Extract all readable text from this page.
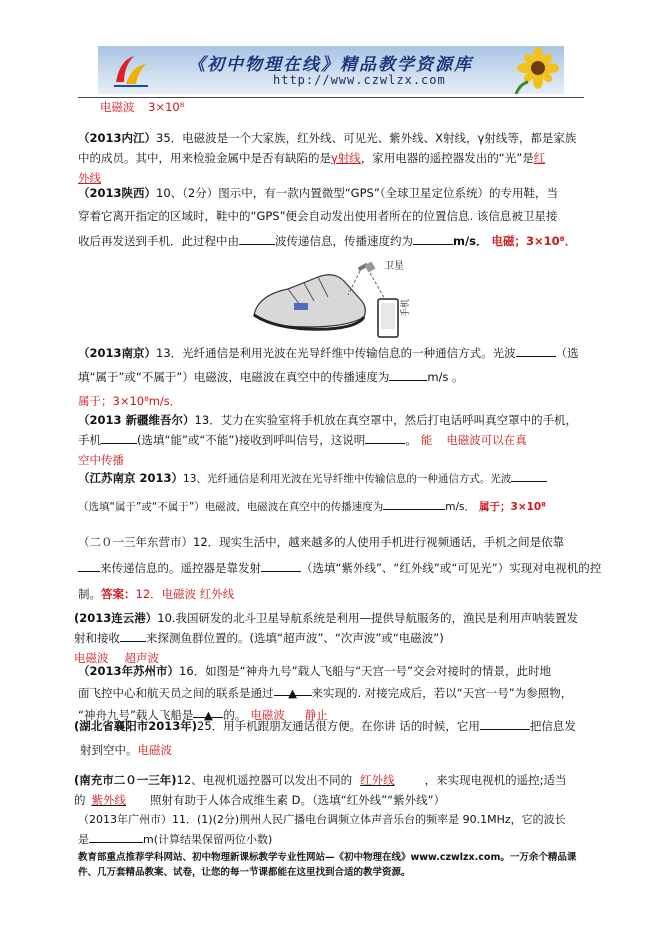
《初中物理在线》精品教学资源库
http://www.czwlzx.com
电磁波 3×10⁸
（2013内江）35．电磁波是一个大家族，红外线、可见光、紫外线、X射线，γ射线等，都是家族
中的成员。其中，用来检验金属中是否有缺陷的是γ射线，家用电器的遥控器发出的“光”是红
外线
（2013陕西）10、（2分）图示中，有一款内置微型“GPS”（全球卫星定位系统）的专用鞋，当
穿着它离开指定的区域时，鞋中的“GPS”便会自动发出使用者所在的位置信息. 该信息被卫星接
收后再发送到手机．此过程中由	波传递信息，传播速度约为	m/s． 电磁；3×10⁸．
卫星
手机
（2013南京）13．光纤通信是利用光波在光导纤维中传输信息的一种通信方式。光波	（选
填“属于”或“不属于”）电磁波，电磁波在真空中的传播速度为	m/s 。
属于；3×10⁸m/s．
（2013 新疆维吾尔）13．艾力在实验室将手机放在真空罩中，然后打电话呼叫真空罩中的手机，
手机	(选填“能”或“不能”)接收到呼叫信号，这说明	。 能 电磁波可以在真
空中传播
（江苏南京 2013）13、光纤通信是利用光波在光导纤维中传输信息的一种通信方式。光波
（选填“属于”或“不属于”）电磁波，电磁波在真空中的传播速度为	m/s． 属于；3×10⁸
（二０一三年东营市）12．现实生活中，越来越多的人使用手机进行视频通话，手机之间是依靠
来传递信息的。遥控器是靠发射	（选填“紫外线”、“红外线”或“可见光”）实现对电视机的控
制。答案：12．电磁波 红外线
(2013连云港）10.我国研发的北斗卫星导航系统是利用—提供导航服务的，渔民是利用声呐装置发
射和接收 来探测鱼群位置的。(选填“超声波”、“次声波”或“电磁波”)
电磁波 超声波
（2013年苏州市）16．如图是“神舟九号”载人飞船与“天宫一号”交会对接时的情景，此时地
面飞控中心和航天员之间的联系是通过 ▲ 来实现的. 对接完成后，若以“天宫一号”为参照物，
“神舟九号”载人飞船是 ▲ 的。 电磁波 静止
(湖北省襄阳市2013年)25．用手机跟朋友通话很方便。在你讲 话的时候，它用	把信息发
射到空中。电磁波
(南充市二０一三年)12、电视机遥控器可以发出不同的 红外线	，来实现电视机的遥控;适当
的 紫外线 照射有助于人体合成维生素 D。（选填“红外线”“紫外线”）
（2013年广州市）11．(1)(2分)荆州人民广播电台调频立体声音乐台的频率是 90.1MHz，它的波长
是	m(计算结果保留两位小数)
教育部重点推荐学科网站、初中物理新课标教学专业性网站—《初中物理在线》www.czwlzx.com。一万余个精品课
件、几万套精品教案、试卷，让您的每一节课都能在这里找到合适的教学资源。
